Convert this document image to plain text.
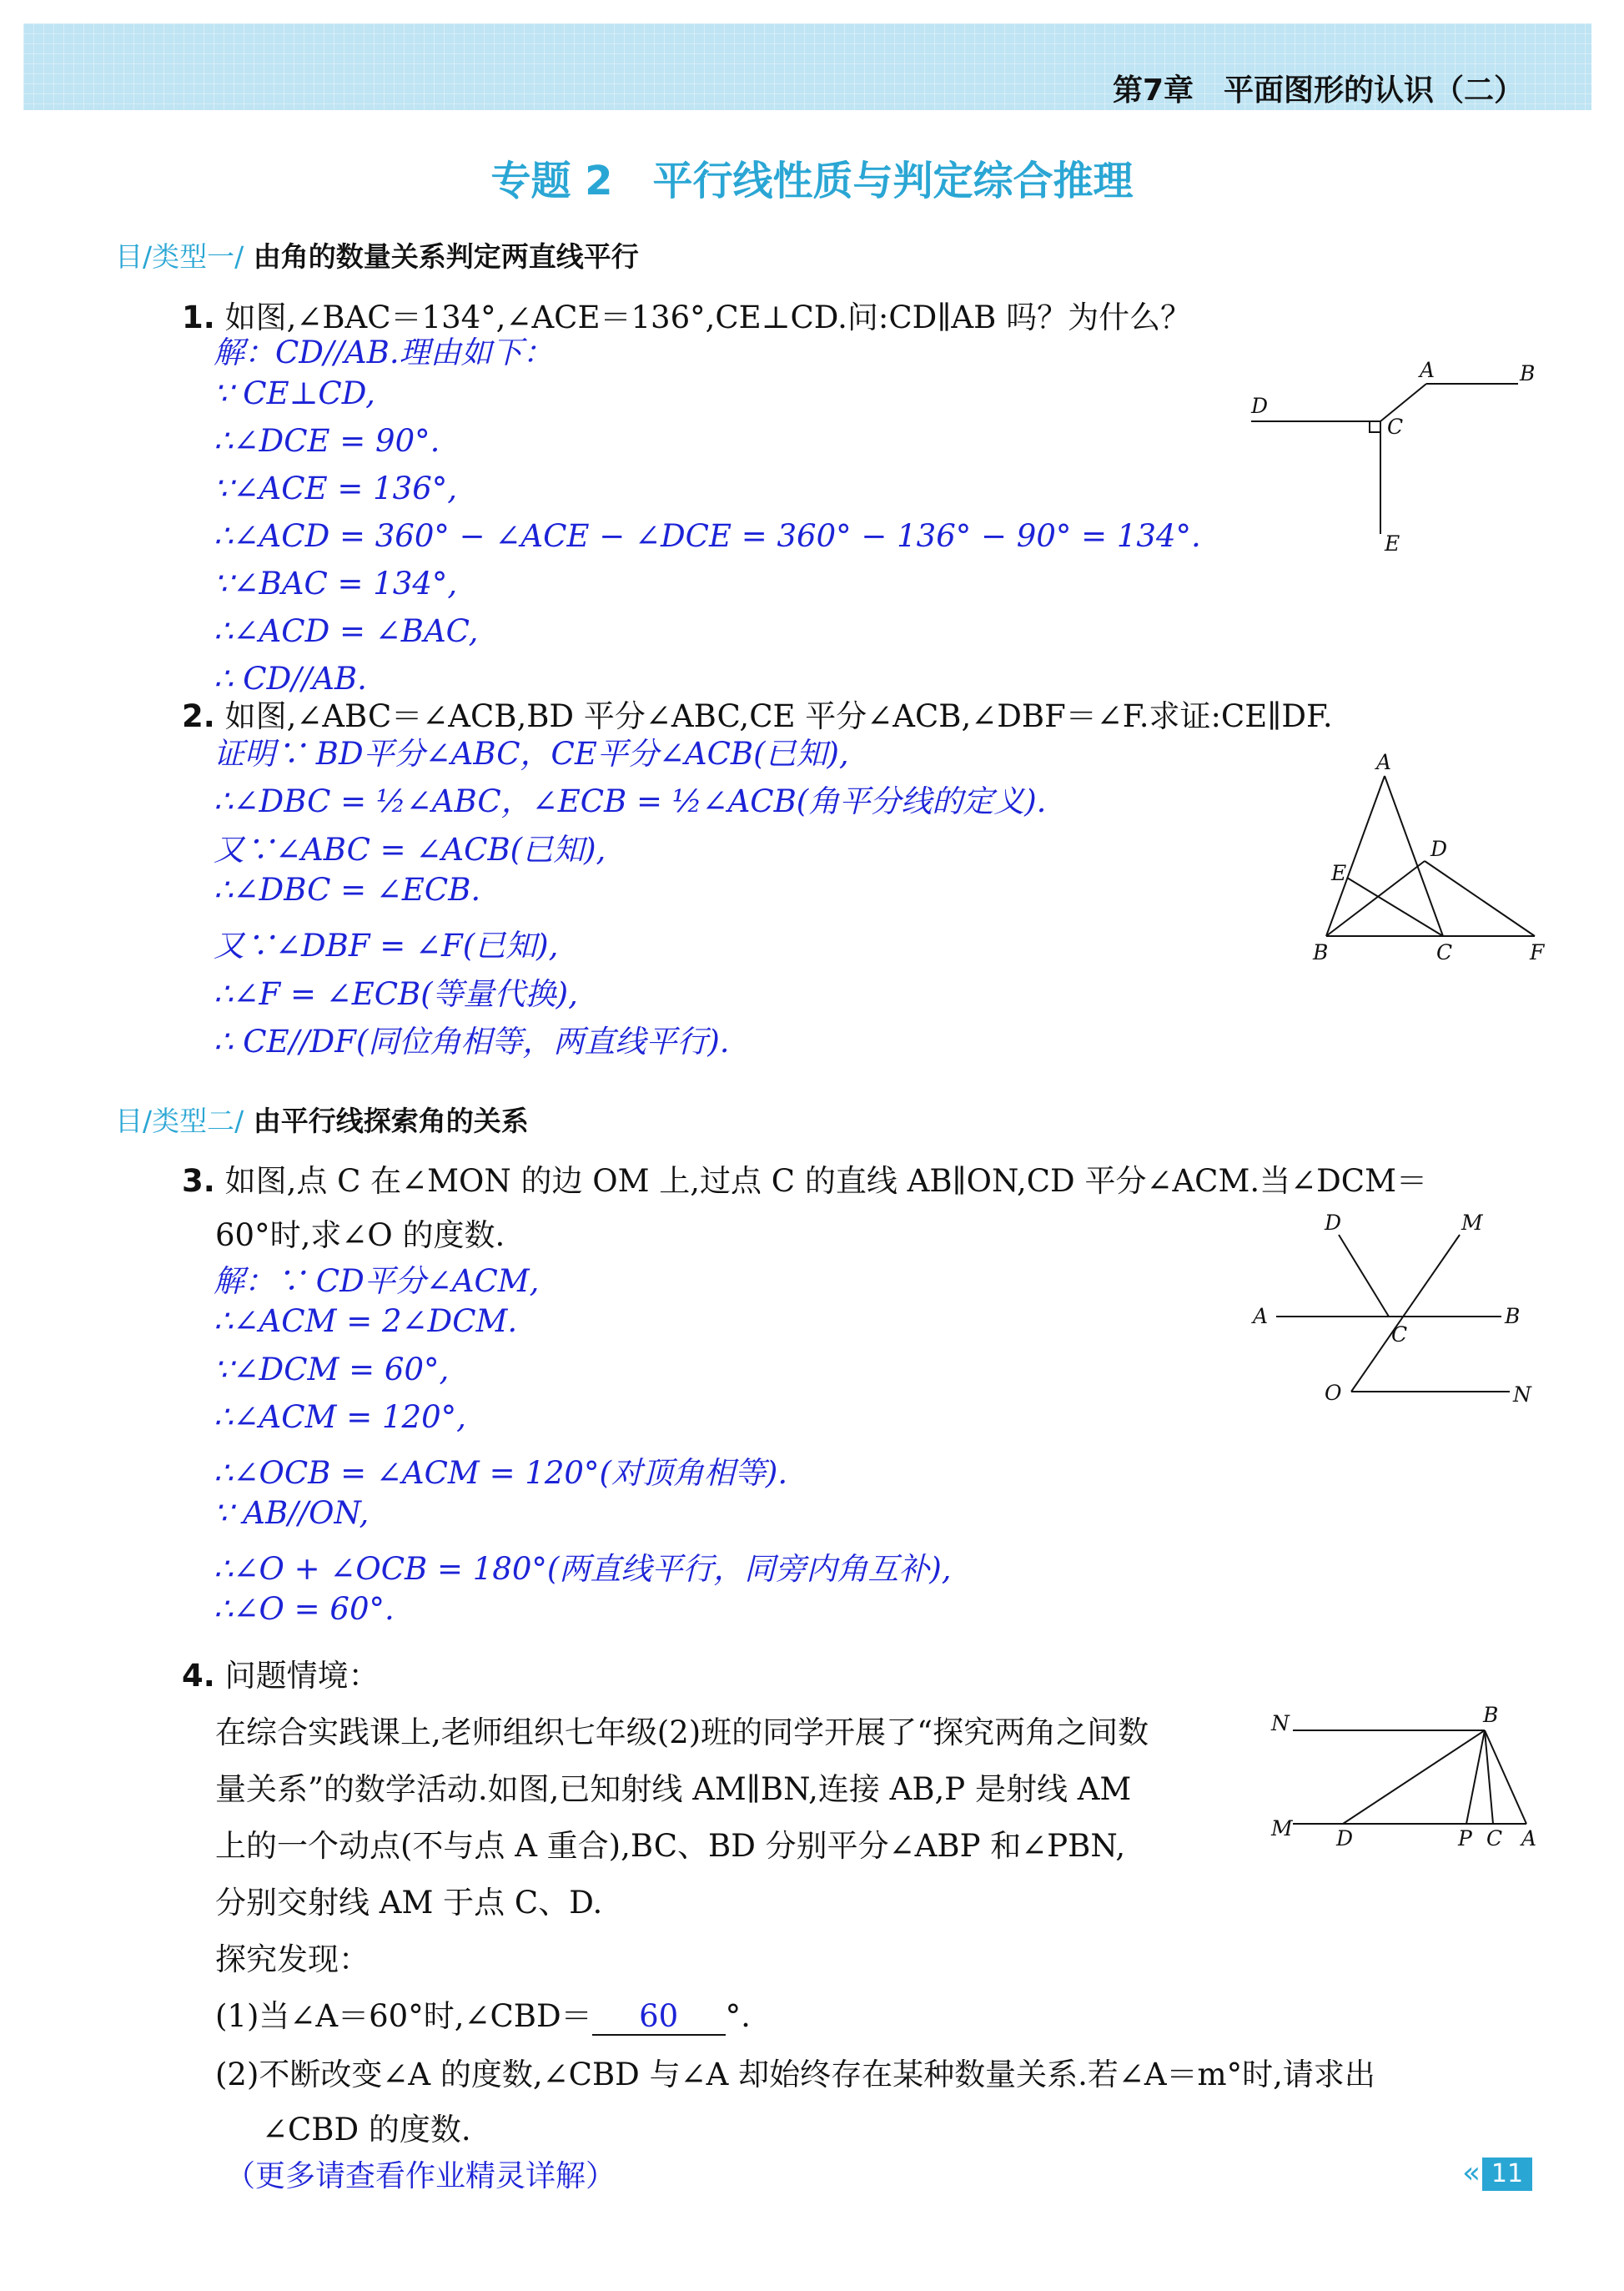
第7章　平面图形的认识（二）
专题 2　平行线性质与判定综合推理
目/类型一/ 由角的数量关系判定两直线平行
1. 如图,∠BAC＝134°,∠ACE＝136°,CE⊥CD.问:CD∥AB 吗？为什么？
解：CD//AB.理由如下：
∵ CE⊥CD,
∴∠DCE = 90°.
∵∠ACE = 136°,
∴∠ACD = 360° − ∠ACE − ∠DCE = 360° − 136° − 90° = 134°.
∵∠BAC = 134°,
∴∠ACD = ∠BAC,
∴ CD//AB.
D
C
A	B
E
2. 如图,∠ABC＝∠ACB,BD 平分∠ABC,CE 平分∠ACB,∠DBF＝∠F.求证:CE∥DF.
证明∵ BD平分∠ABC，CE平分∠ACB(已知),
∴∠DBC = ½∠ABC，∠ECB = ½∠ACB(角平分线的定义).
又∵∠ABC = ∠ACB(已知),
∴∠DBC = ∠ECB.
又∵∠DBF = ∠F(已知),
∴∠F = ∠ECB(等量代换),
∴ CE//DF(同位角相等，两直线平行).
A
D
E
B	C	F
目/类型二/ 由平行线探索角的关系
3. 如图,点 C 在∠MON 的边 OM 上,过点 C 的直线 AB∥ON,CD 平分∠ACM.当∠DCM＝
60°时,求∠O 的度数.
解：∵ CD平分∠ACM,
∴∠ACM = 2∠DCM.
∵∠DCM = 60°,
∴∠ACM = 120°,
∴∠OCB = ∠ACM = 120°(对顶角相等).
∵ AB//ON,
∴∠O + ∠OCB = 180°(两直线平行，同旁内角互补),
∴∠O = 60°.
D	M
A
C
B
O	N
4. 问题情境：
在综合实践课上,老师组织七年级(2)班的同学开展了“探究两角之间数
量关系”的数学活动.如图,已知射线 AM∥BN,连接 AB,P 是射线 AM
上的一个动点(不与点 A 重合),BC、BD 分别平分∠ABP 和∠PBN,
分别交射线 AM 于点 C、D.
探究发现：
(1)当∠A＝60°时,∠CBD＝ 60 °.
(2)不断改变∠A 的度数,∠CBD 与∠A 却始终存在某种数量关系.若∠A＝m°时,请求出
∠CBD 的度数.
N	B
M D	P C A
（更多请查看作业精灵详解）	« 11
